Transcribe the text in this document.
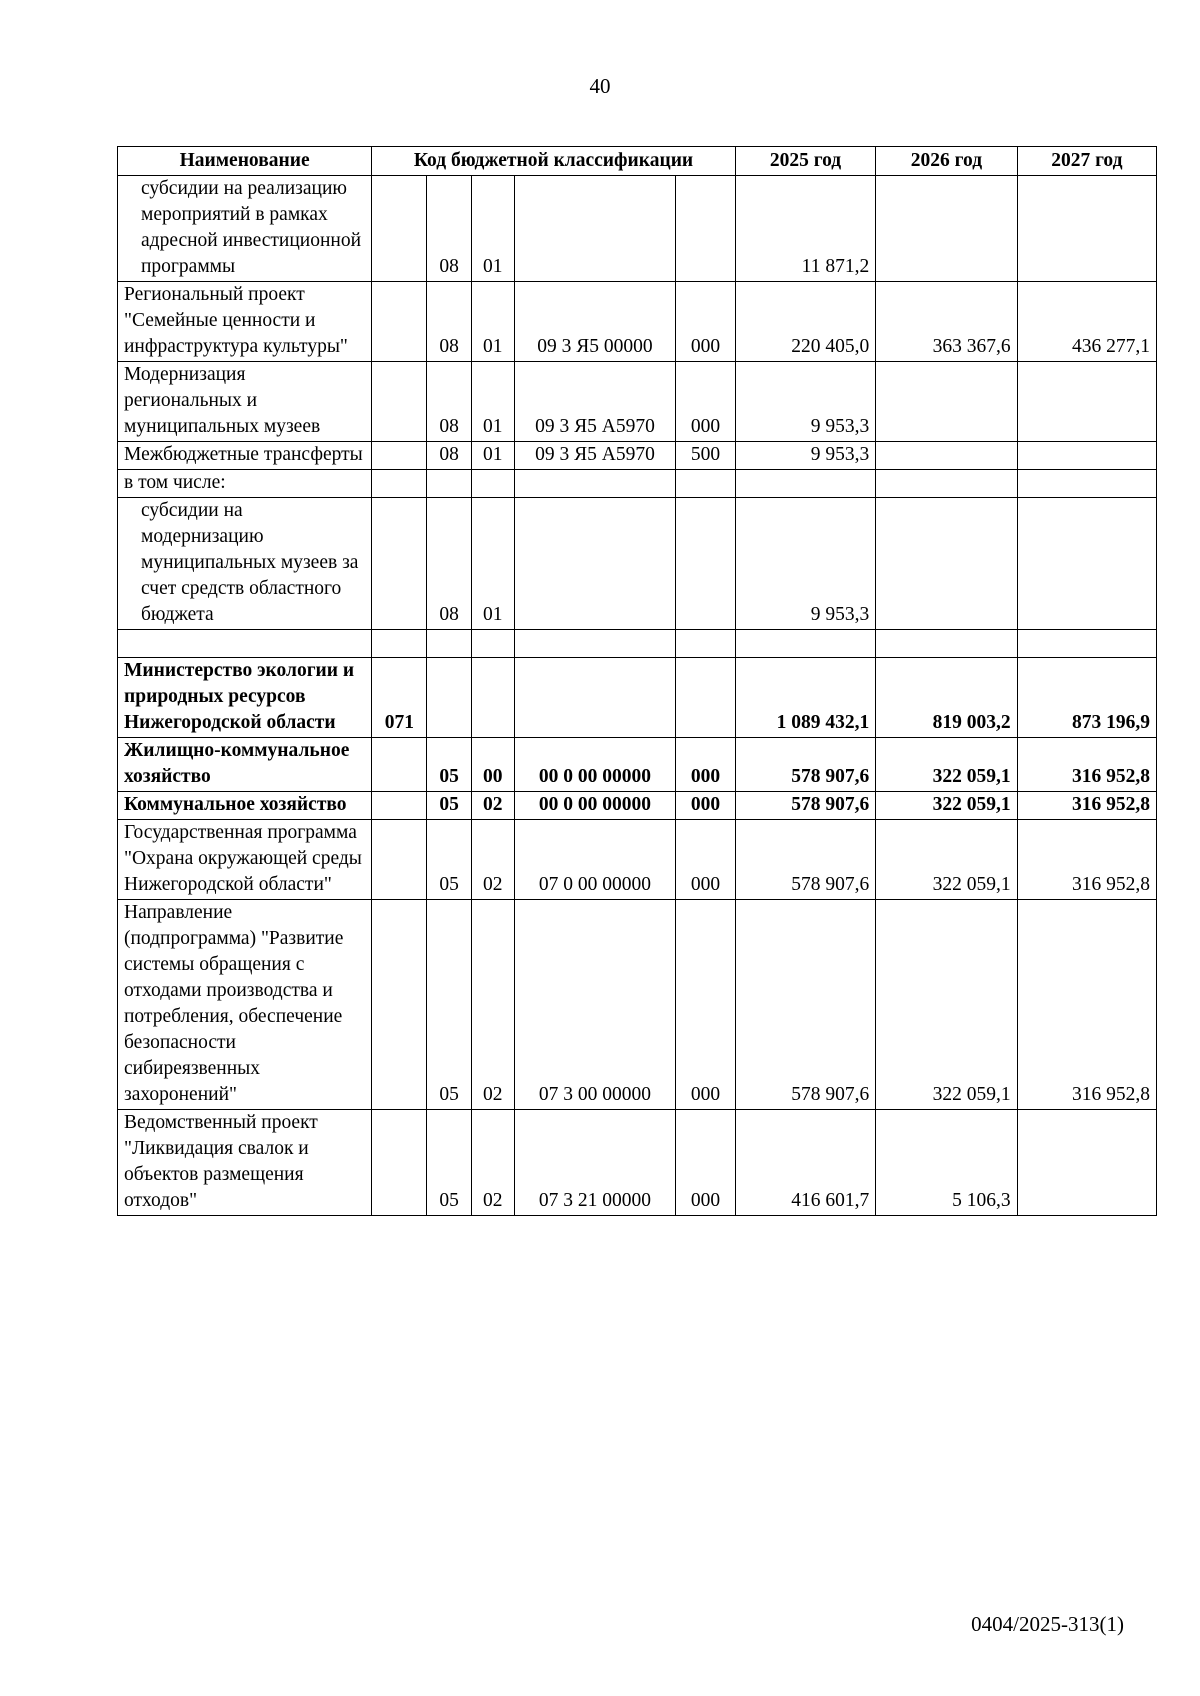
40
Наименование	Код бюджетной классификации					2025 год	2026 год	2027 год
субсидии на реализацию мероприятий в рамках адресной инвестиционной программы		08	01			11 871,2		
Региональный проект "Семейные ценности и инфраструктура культуры"		08	01	09 3 Я5 00000	000	220 405,0	363 367,6	436 277,1
Модернизация региональных и муниципальных музеев		08	01	09 3 Я5 А5970	000	9 953,3		
Межбюджетные трансферты		08	01	09 3 Я5 А5970	500	9 953,3		
в том числе:								
субсидии на модернизацию муниципальных музеев за счет средств областного бюджета		08	01			9 953,3		

Министерство экологии и природных ресурсов Нижегородской области	071					1 089 432,1	819 003,2	873 196,9
Жилищно-коммунальное хозяйство		05	00	00 0 00 00000	000	578 907,6	322 059,1	316 952,8
Коммунальное хозяйство		05	02	00 0 00 00000	000	578 907,6	322 059,1	316 952,8
Государственная программа "Охрана окружающей среды Нижегородской области"		05	02	07 0 00 00000	000	578 907,6	322 059,1	316 952,8
Направление (подпрограмма) "Развитие системы обращения с отходами производства и потребления, обеспечение безопасности сибиреязвенных захоронений"		05	02	07 3 00 00000	000	578 907,6	322 059,1	316 952,8
Ведомственный проект "Ликвидация свалок и объектов размещения отходов"		05	02	07 3 21 00000	000	416 601,7	5 106,3	
0404/2025-313(1)
